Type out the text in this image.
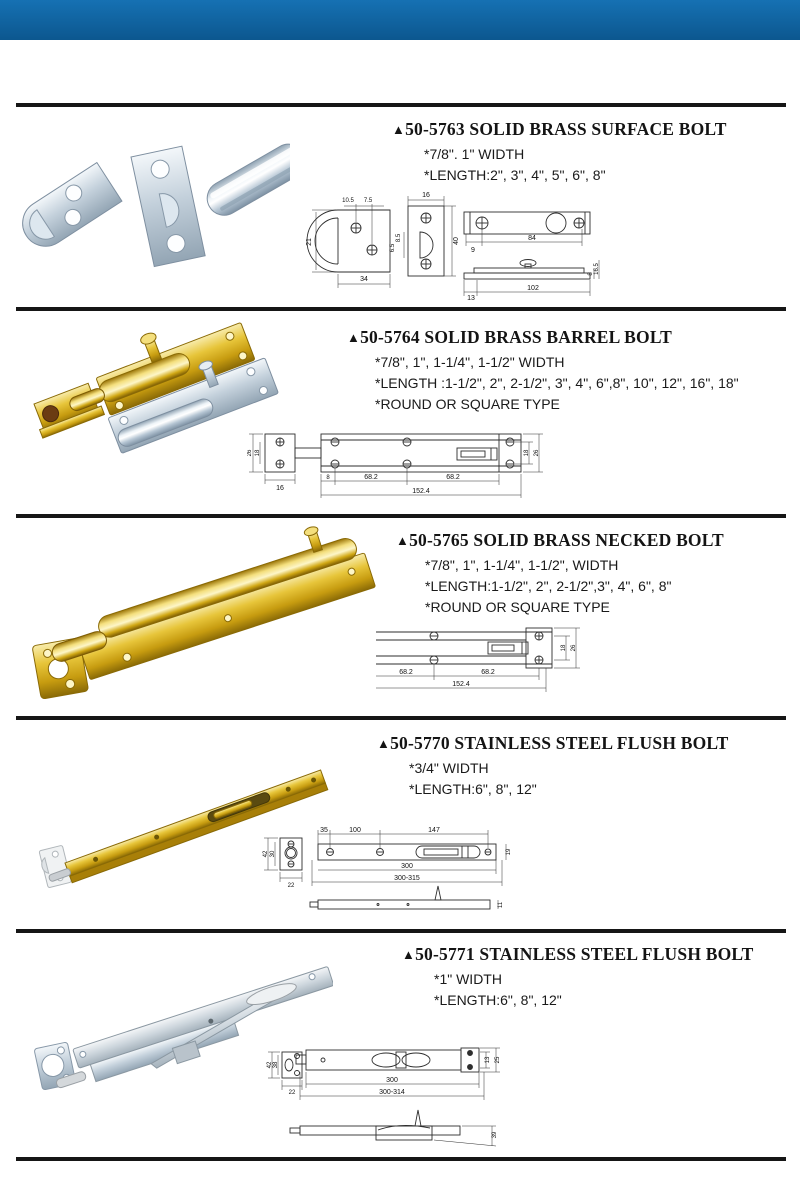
▲50-5763 SOLID BRASS SURFACE BOLT
*7/8". 1" WIDTH
*LENGTH:2", 3", 4", 5", 6", 8"
21
34
10.5 7.5
16
40
8.5
6.5	9
84
13
102
8 16.5
▲50-5764 SOLID BRASS BARREL BOLT
*7/8", 1", 1-1/4", 1-1/2" WIDTH
*LENGTH :1-1/2", 2", 2-1/2", 3", 4", 6",8", 10", 12", 16", 18"
*ROUND OR SQUARE TYPE
26 18
16
8	68.2	68.2
152.4
18 26
▲50-5765 SOLID BRASS NECKED BOLT
*7/8", 1", 1-1/4", 1-1/2", WIDTH
*LENGTH:1-1/2", 2", 2-1/2",3", 4", 6", 8"
*ROUND OR SQUARE TYPE
68.2	68.2
152.4
18 26
▲50-5770 STAINLESS STEEL FLUSH BOLT
*3/4" WIDTH
*LENGTH:6", 8", 12"
42 30
22
35	100	147
300
300-315
19
11
▲50-5771 STAINLESS STEEL FLUSH BOLT
*1" WIDTH
*LENGTH:6", 8", 12"
42 38
22
300
300-314
25
13
39
